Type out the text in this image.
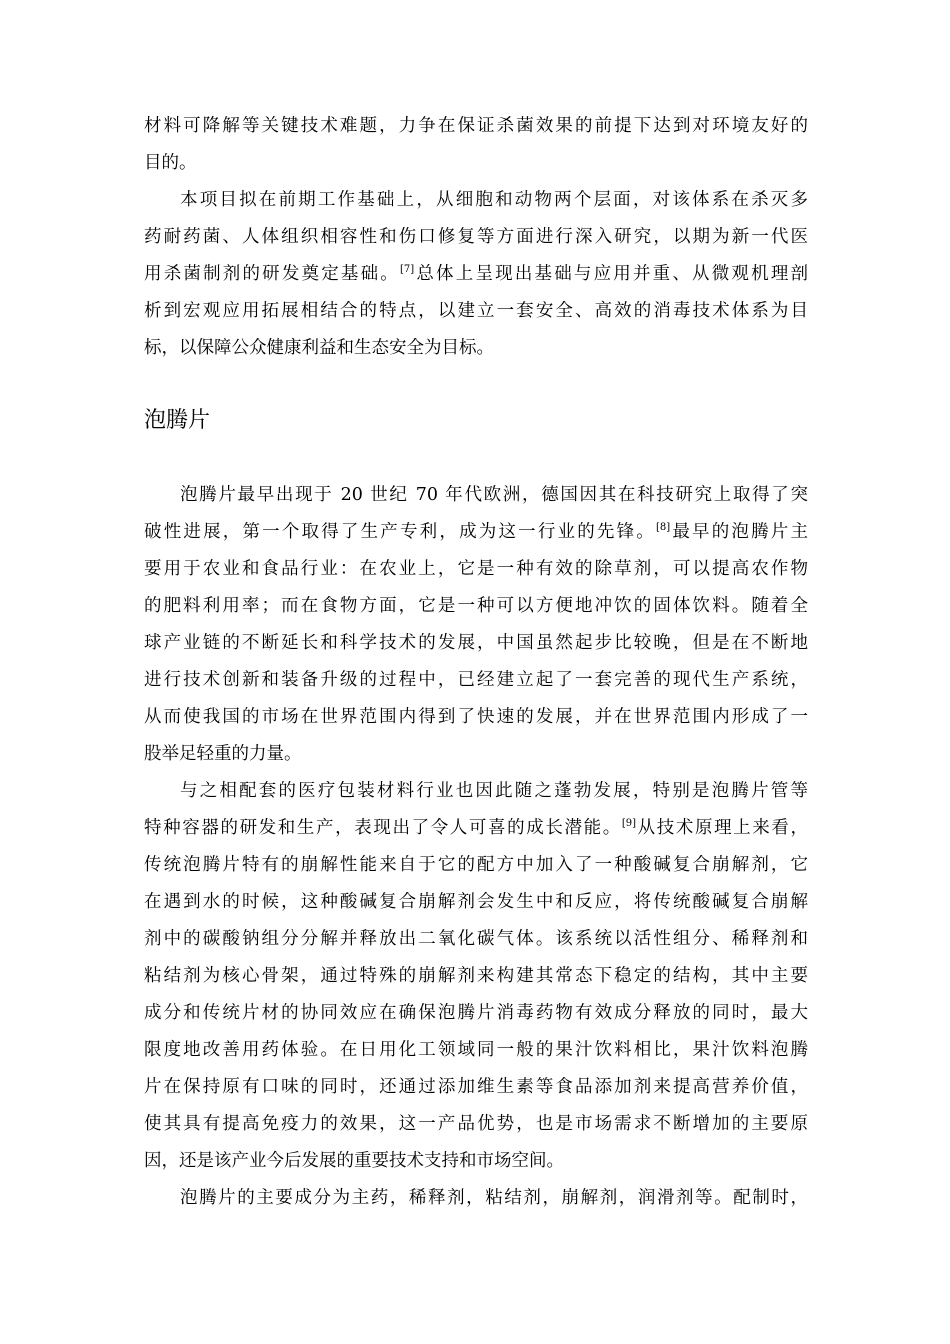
材料可降解等关键技术难题，力争在保证杀菌效果的前提下达到对环境友好的
目的。
本项目拟在前期工作基础上，从细胞和动物两个层面，对该体系在杀灭多
药耐药菌、人体组织相容性和伤口修复等方面进行深入研究，以期为新一代医
用杀菌制剂的研发奠定基础。[7]总体上呈现出基础与应用并重、从微观机理剖
析到宏观应用拓展相结合的特点，以建立一套安全、高效的消毒技术体系为目
标，以保障公众健康利益和生态安全为目标。
泡腾片
泡腾片最早出现于 20 世纪 70 年代欧洲，德国因其在科技研究上取得了突
破性进展，第一个取得了生产专利，成为这一行业的先锋。[8]最早的泡腾片主
要用于农业和食品行业：在农业上，它是一种有效的除草剂，可以提高农作物
的肥料利用率；而在食物方面，它是一种可以方便地冲饮的固体饮料。随着全
球产业链的不断延长和科学技术的发展，中国虽然起步比较晚，但是在不断地
进行技术创新和装备升级的过程中，已经建立起了一套完善的现代生产系统，
从而使我国的市场在世界范围内得到了快速的发展，并在世界范围内形成了一
股举足轻重的力量。
与之相配套的医疗包装材料行业也因此随之蓬勃发展，特别是泡腾片管等
特种容器的研发和生产，表现出了令人可喜的成长潜能。[9]从技术原理上来看，
传统泡腾片特有的崩解性能来自于它的配方中加入了一种酸碱复合崩解剂，它
在遇到水的时候，这种酸碱复合崩解剂会发生中和反应，将传统酸碱复合崩解
剂中的碳酸钠组分分解并释放出二氧化碳气体。该系统以活性组分、稀释剂和
粘结剂为核心骨架，通过特殊的崩解剂来构建其常态下稳定的结构，其中主要
成分和传统片材的协同效应在确保泡腾片消毒药物有效成分释放的同时，最大
限度地改善用药体验。在日用化工领域同一般的果汁饮料相比，果汁饮料泡腾
片在保持原有口味的同时，还通过添加维生素等食品添加剂来提高营养价值，
使其具有提高免疫力的效果，这一产品优势，也是市场需求不断增加的主要原
因，还是该产业今后发展的重要技术支持和市场空间。
泡腾片的主要成分为主药，稀释剂，粘结剂，崩解剂，润滑剂等。配制时，
